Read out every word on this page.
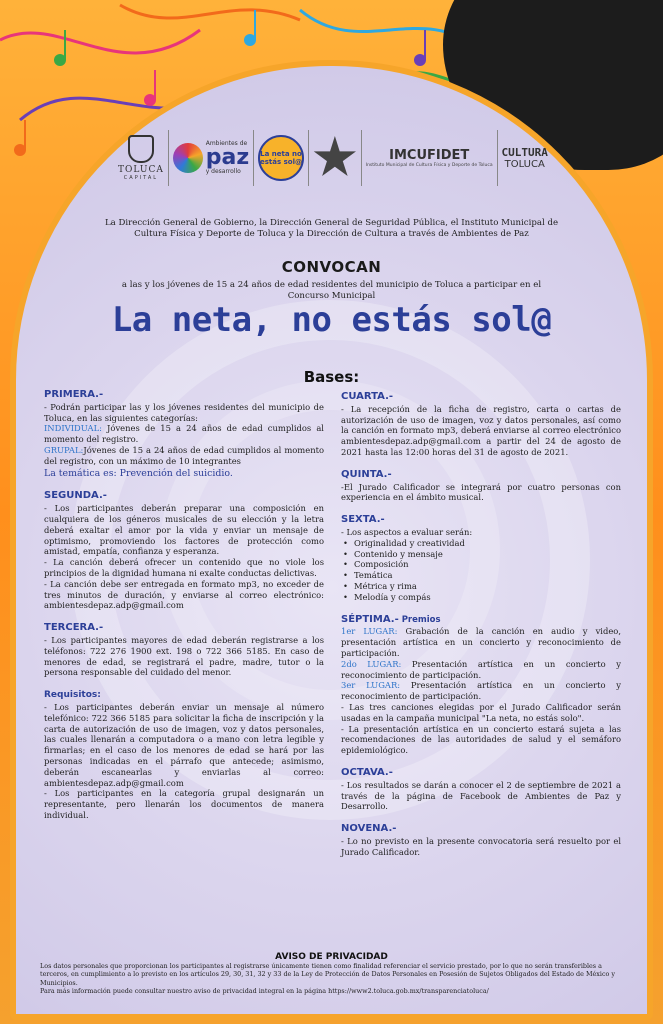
TOLUCA
CAPITAL
Ambientes de
paz
y desarrollo
La neta no estás sol@	IMCUFIDET
Instituto Municipal de Cultura Física y Deporte de Toluca
CULTURA
TOLUCA
La Dirección General de Gobierno, la Dirección General de Seguridad Pública, el Instituto Municipal de Cultura Física y Deporte de Toluca y la Dirección de Cultura a través de Ambientes de Paz
CONVOCAN
a las y los jóvenes de 15 a 24 años de edad residentes del municipio de Toluca a participar en el Concurso Municipal
La neta, no estás sol@
Bases:
PRIMERA.-

- Podrán participar las y los jóvenes residentes del municipio de Toluca, en las siguientes categorías:

INDIVIDUAL: Jóvenes de 15 a 24 años de edad cumplidos al momento del registro.

GRUPAL:Jóvenes de 15 a 24 años de edad cumplidos al momento del registro, con un máximo de 10 integrantes

La temática es: Prevención del suicidio.

SEGUNDA.-

- Los participantes deberán preparar una composición en cualquiera de los géneros musicales de su elección y la letra deberá exaltar el amor por la vida y enviar un mensaje de optimismo, promoviendo los factores de protección como amistad, empatía, confianza y esperanza.

- La canción deberá ofrecer un contenido que no viole los principios de la dignidad humana ni exalte conductas delictivas.

- La canción debe ser entregada en formato mp3, no exceder de tres minutos de duración, y enviarse al correo electrónico: ambientesdepaz.adp@gmail.com

TERCERA.-

- Los participantes mayores de edad deberán registrarse a los teléfonos: 722 276 1900 ext. 198 o 722 366 5185. En caso de menores de edad, se registrará el padre, madre, tutor o la persona responsable del cuidado del menor.

Requisitos:

- Los participantes deberán enviar un mensaje al número telefónico: 722 366 5185 para solicitar la ficha de inscripción y la carta de autorización de uso de imagen, voz y datos personales, las cuales llenarán a computadora o a mano con letra legible y firmarlas; en el caso de los menores de edad se hará por las personas indicadas en el párrafo que antecede; asimismo, deberán escanearlas y enviarlas al correo: ambientesdepaz.adp@gmail.com

- Los participantes en la categoría grupal designarán un representante, pero llenarán los documentos de manera individual.

CUARTA.-

- La recepción de la ficha de registro, carta o cartas de autorización de uso de imagen, voz y datos personales, así como la canción en formato mp3, deberá enviarse al correo electrónico ambientesdepaz.adp@gmail.com a partir del 24 de agosto de 2021 hasta las 12:00 horas del 31 de agosto de 2021.

QUINTA.-

-El Jurado Calificador se integrará por cuatro personas con experiencia en el ámbito musical.

SEXTA.-

- Los aspectos a evaluar serán:

• Originalidad y creatividad
• Contenido y mensaje
• Composición
• Temática
• Métrica y rima
• Melodía y compás
SÉPTIMA.- Premios

1er LUGAR: Grabación de la canción en audio y video, presentación artística en un concierto y reconocimiento de participación.

2do LUGAR: Presentación artística en un concierto y reconocimiento de participación.

3er LUGAR: Presentación artística en un concierto y reconocimiento de participación.

- Las tres canciones elegidas por el Jurado Calificador serán usadas en la campaña municipal "La neta, no estás solo".

- La presentación artística en un concierto estará sujeta a las recomendaciones de las autoridades de salud y el semáforo epidemiológico.

OCTAVA.-

- Los resultados se darán a conocer el 2 de septiembre de 2021 a través de la página de Facebook de Ambientes de Paz y Desarrollo.

NOVENA.-

- Lo no previsto en la presente convocatoria será resuelto por el Jurado Calificador.

AVISO DE PRIVACIDAD

Los datos personales que proporcionan los participantes al registrarse únicamente tienen como finalidad referenciar el servicio prestado, por lo que no serán transferibles a terceros, en cumplimiento a lo previsto en los artículos 29, 30, 31, 32 y 33 de la Ley de Protección de Datos Personales en Posesión de Sujetos Obligados del Estado de México y Municipios.

Para más información puede consultar nuestro aviso de privacidad integral en la página https://www2.toluca.gob.mx/transparenciatoluca/
